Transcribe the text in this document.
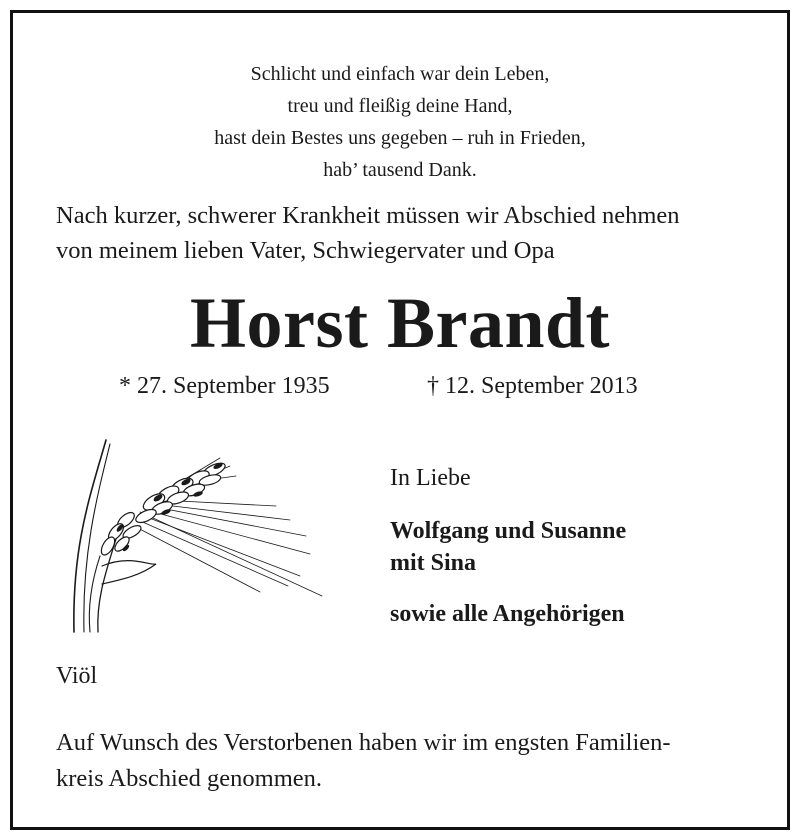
Schlicht und einfach war dein Leben,
treu und fleißig deine Hand,
hast dein Bestes uns gegeben – ruh in Frieden,
hab’ tausend Dank.
Nach kurzer, schwerer Krankheit müssen wir Abschied nehmen
von meinem lieben Vater, Schwiegervater und Opa
Horst Brandt
* 27. September 1935	† 12. September 2013
In Liebe
Wolfgang und Susanne
mit Sina
sowie alle Angehörigen
Viöl
Auf Wunsch des Verstorbenen haben wir im engsten Familien-
kreis Abschied genommen.
